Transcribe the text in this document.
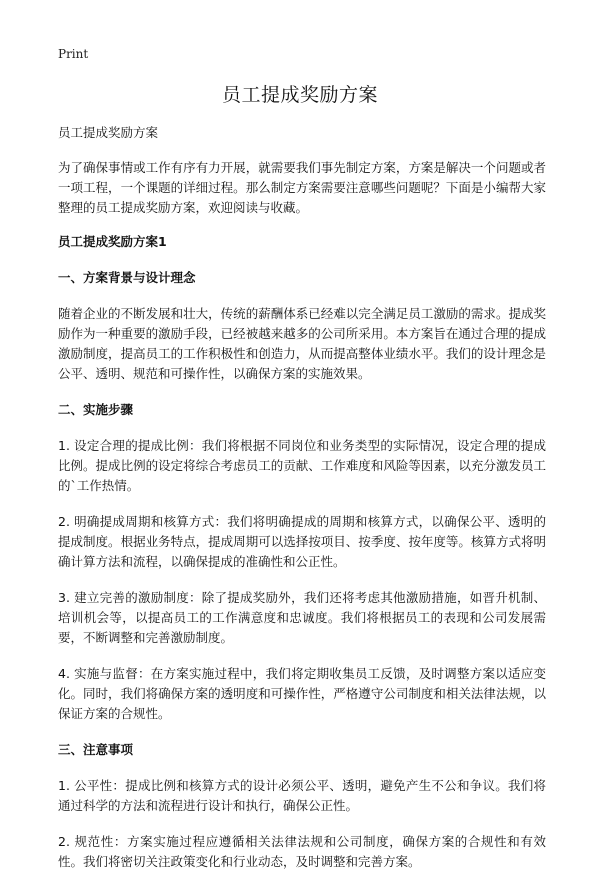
Print
员工提成奖励方案

员工提成奖励方案

为了确保事情或工作有序有力开展，就需要我们事先制定方案，方案是解决一个问题或者一项工程，一个课题的详细过程。那么制定方案需要注意哪些问题呢？下面是小编帮大家整理的员工提成奖励方案，欢迎阅读与收藏。

员工提成奖励方案1

一、方案背景与设计理念

随着企业的不断发展和壮大，传统的薪酬体系已经难以完全满足员工激励的需求。提成奖励作为一种重要的激励手段，已经被越来越多的公司所采用。本方案旨在通过合理的提成激励制度，提高员工的工作积极性和创造力，从而提高整体业绩水平。我们的设计理念是公平、透明、规范和可操作性，以确保方案的实施效果。

二、实施步骤

1. 设定合理的提成比例：我们将根据不同岗位和业务类型的实际情况，设定合理的提成比例。提成比例的设定将综合考虑员工的贡献、工作难度和风险等因素，以充分激发员工的`工作热情。

2. 明确提成周期和核算方式：我们将明确提成的周期和核算方式，以确保公平、透明的提成制度。根据业务特点，提成周期可以选择按项目、按季度、按年度等。核算方式将明确计算方法和流程，以确保提成的准确性和公正性。

3. 建立完善的激励制度：除了提成奖励外，我们还将考虑其他激励措施，如晋升机制、培训机会等，以提高员工的工作满意度和忠诚度。我们将根据员工的表现和公司发展需要，不断调整和完善激励制度。

4. 实施与监督：在方案实施过程中，我们将定期收集员工反馈，及时调整方案以适应变化。同时，我们将确保方案的透明度和可操作性，严格遵守公司制度和相关法律法规，以保证方案的合规性。

三、注意事项

1. 公平性：提成比例和核算方式的设计必须公平、透明，避免产生不公和争议。我们将通过科学的方法和流程进行设计和执行，确保公正性。

2. 规范性：方案实施过程应遵循相关法律法规和公司制度，确保方案的合规性和有效性。我们将密切关注政策变化和行业动态，及时调整和完善方案。
